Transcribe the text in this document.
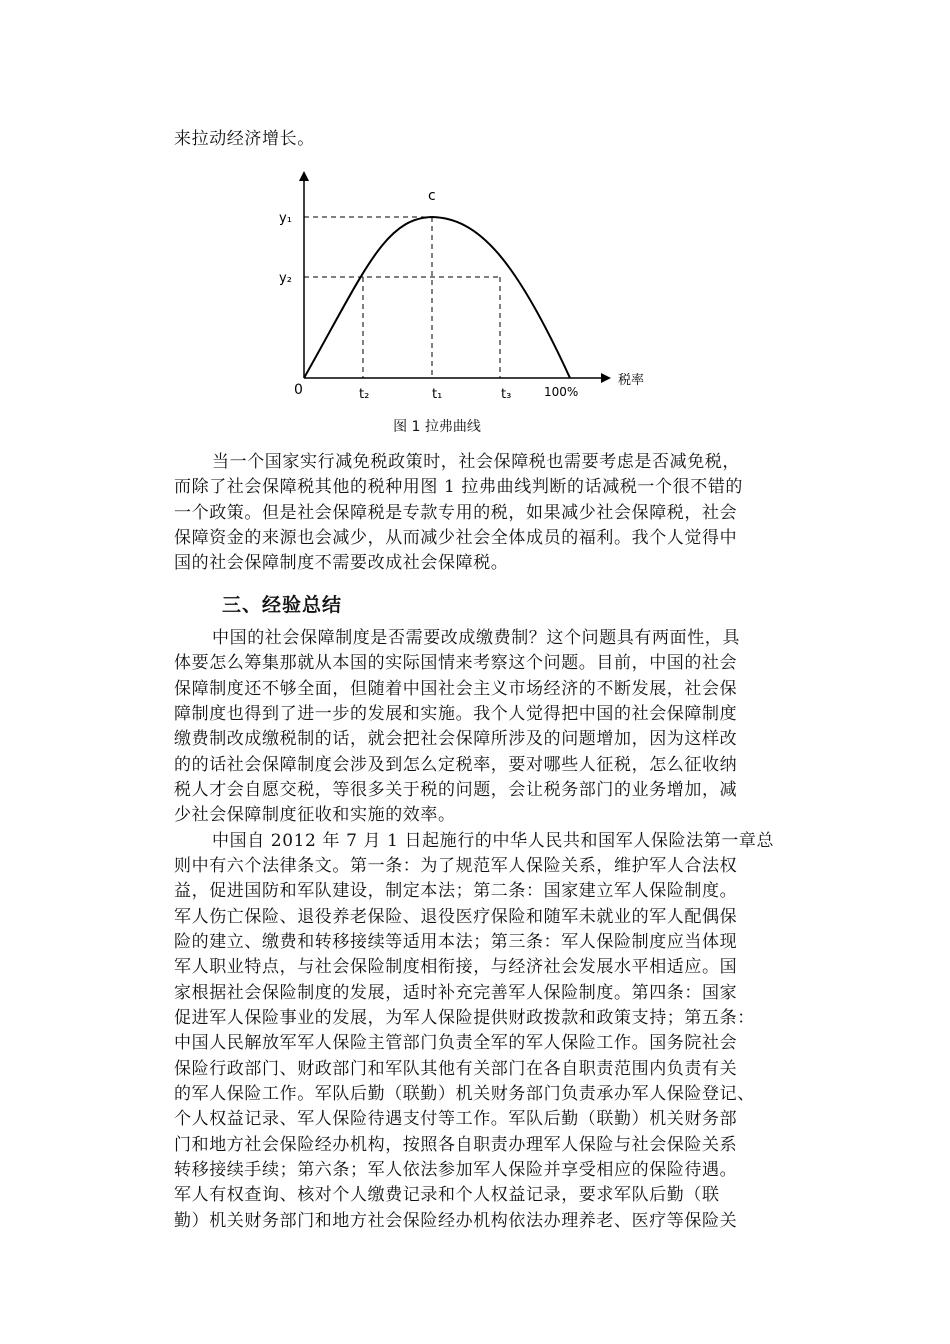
来拉动经济增长。
c
y₁
y₂
0	t₂	t₁	t₃	100%
税率
图 1 拉弗曲线
当一个国家实行减免税政策时，社会保障税也需要考虑是否减免税，
而除了社会保障税其他的税种用图 1 拉弗曲线判断的话减税一个很不错的
一个政策。但是社会保障税是专款专用的税，如果减少社会保障税，社会
保障资金的来源也会减少，从而减少社会全体成员的福利。我个人觉得中
国的社会保障制度不需要改成社会保障税。
三、经验总结
中国的社会保障制度是否需要改成缴费制？这个问题具有两面性，具
体要怎么筹集那就从本国的实际国情来考察这个问题。目前，中国的社会
保障制度还不够全面，但随着中国社会主义市场经济的不断发展，社会保
障制度也得到了进一步的发展和实施。我个人觉得把中国的社会保障制度
缴费制改成缴税制的话，就会把社会保障所涉及的问题增加，因为这样改
的的话社会保障制度会涉及到怎么定税率，要对哪些人征税，怎么征收纳
税人才会自愿交税，等很多关于税的问题，会让税务部门的业务增加，减
少社会保障制度征收和实施的效率。
中国自 2012 年 7 月 1 日起施行的中华人民共和国军人保险法第一章总
则中有六个法律条文。第一条：为了规范军人保险关系，维护军人合法权
益，促进国防和军队建设，制定本法；第二条：国家建立军人保险制度。
军人伤亡保险、退役养老保险、退役医疗保险和随军未就业的军人配偶保
险的建立、缴费和转移接续等适用本法；第三条：军人保险制度应当体现
军人职业特点，与社会保险制度相衔接，与经济社会发展水平相适应。国
家根据社会保险制度的发展，适时补充完善军人保险制度。第四条：国家
促进军人保险事业的发展，为军人保险提供财政拨款和政策支持；第五条：
中国人民解放军军人保险主管部门负责全军的军人保险工作。国务院社会
保险行政部门、财政部门和军队其他有关部门在各自职责范围内负责有关
的军人保险工作。军队后勤（联勤）机关财务部门负责承办军人保险登记、
个人权益记录、军人保险待遇支付等工作。军队后勤（联勤）机关财务部
门和地方社会保险经办机构，按照各自职责办理军人保险与社会保险关系
转移接续手续；第六条；军人依法参加军人保险并享受相应的保险待遇。
军人有权查询、核对个人缴费记录和个人权益记录，要求军队后勤（联
勤）机关财务部门和地方社会保险经办机构依法办理养老、医疗等保险关
